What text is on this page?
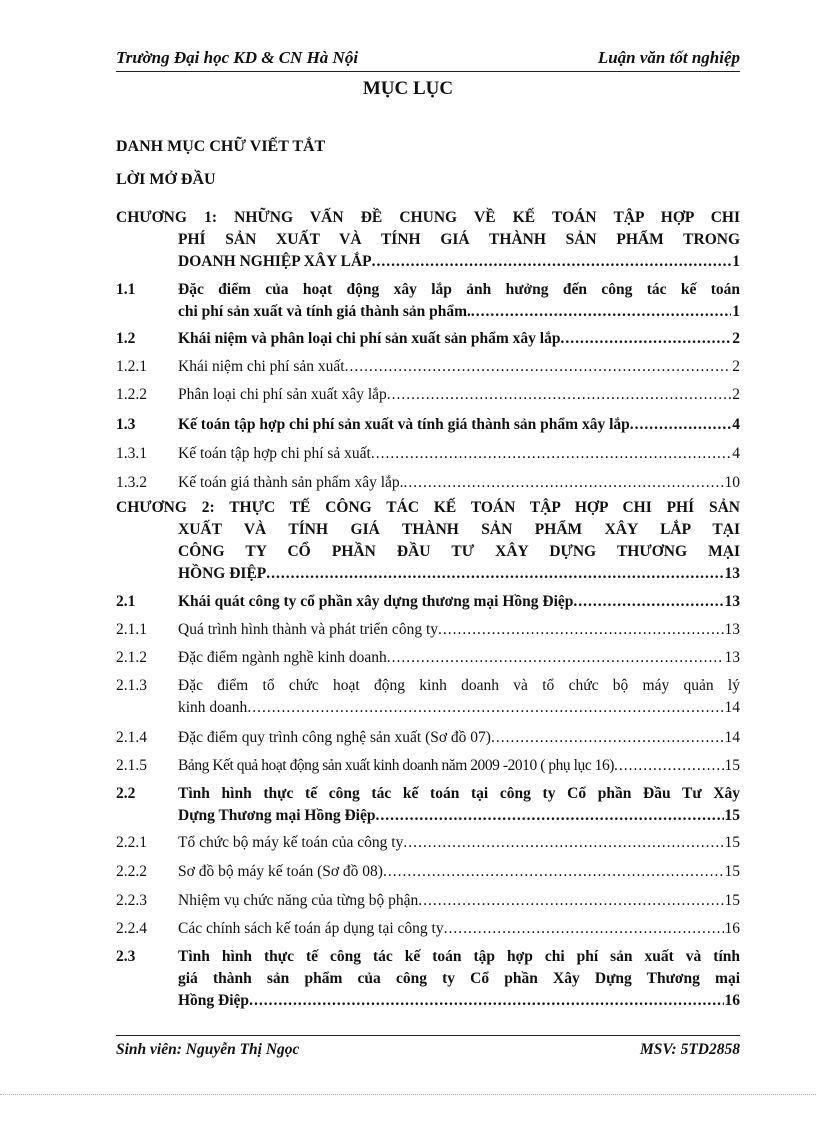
Trường Đại học KD & CN Hà Nội	Luận văn tốt nghiệp
MỤC LỤC
DANH MỤC CHỮ VIẾT TẮT
LỜI MỞ ĐẦU
CHƯƠNG 1: NHỮNG VẤN ĐỀ CHUNG VỀ KẾ TOÁN TẬP HỢP CHI
PHÍ SẢN XUẤT VÀ TÍNH GIÁ THÀNH SẢN PHẨM TRONG
DOANH NGHIỆP XÂY LẮP .....	1
1.1	Đặc điểm của hoạt động xây lắp ảnh hưởng đến công tác kế toán
chi phí sản xuất và tính giá thành sản phẩm. .....	1
1.2	Khái niệm và phân loại chi phí sản xuất sản phẩm xây lắp .....	2
1.2.1 Khái niệm chi phí sản xuất .....	2
1.2.2 Phân loại chi phí sản xuất xây lắp .....	2
1.3	Kế toán tập hợp chi phí sản xuất và tính giá thành sản phẩm xây lắp .....	4
1.3.1 Kế toán tập hợp chi phí sả xuất .....	4
1.3.2 Kế toán giá thành sản phẩm xây lắp. .....	10
CHƯƠNG 2: THỰC TẾ CÔNG TÁC KẾ TOÁN TẬP HỢP CHI PHÍ SẢN
XUẤT VÀ TÍNH GIÁ THÀNH SẢN PHẨM XÂY LẮP TẠI
CÔNG TY CỔ PHẦN ĐẦU TƯ XÂY DỰNG THƯƠNG MẠI
HỒNG ĐIỆP .....	13
2.1	Khái quát công ty cổ phần xây dựng thương mại Hồng Điệp .....	13
2.1.1 Quá trình hình thành và phát triển công ty .....	13
2.1.2 Đặc điểm ngành nghề kinh doanh .....	13
2.1.3 Đặc điểm tổ chức hoạt động kinh doanh và tổ chức bộ máy quản lý
kinh doanh .....	14
2.1.4 Đặc điểm quy trình công nghệ sản xuất (Sơ đồ 07) .....	14
2.1.5 Bảng Kết quả hoạt động sản xuất kinh doanh năm 2009 -2010 ( phụ lục 16) .....	15
2.2	Tình hình thực tế công tác kế toán tại công ty Cổ phần Đầu Tư Xây
Dựng Thương mại Hồng Điệp .....	15
2.2.1 Tổ chức bộ máy kế toán của công ty .....	15
2.2.2 Sơ đồ bộ máy kế toán (Sơ đồ 08) .....	15
2.2.3 Nhiệm vụ chức năng của từng bộ phận .....	15
2.2.4 Các chính sách kế toán áp dụng tại công ty .....	16
2.3	Tình hình thực tế công tác kế toán tập hợp chi phí sản xuất và tính
giá thành sản phẩm của công ty Cổ phần Xây Dựng Thương mại
Hồng Điệp .....	16
Sinh viên: Nguyễn Thị Ngọc	MSV: 5TD2858
